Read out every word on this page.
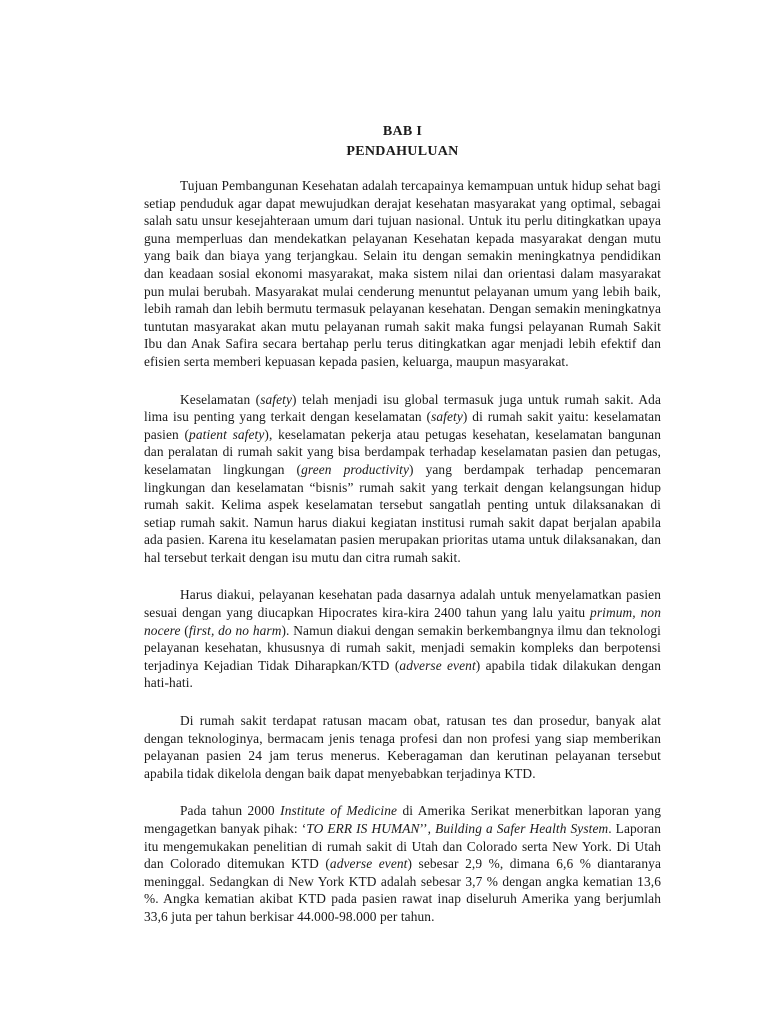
BAB I
PENDAHULUAN

Tujuan Pembangunan Kesehatan adalah tercapainya kemampuan untuk hidup sehat bagi setiap penduduk agar dapat mewujudkan derajat kesehatan masyarakat yang optimal, sebagai salah satu unsur kesejahteraan umum dari tujuan nasional. Untuk itu perlu ditingkatkan upaya guna memperluas dan mendekatkan pelayanan Kesehatan kepada masyarakat dengan mutu yang baik dan biaya yang terjangkau. Selain itu dengan semakin meningkatnya pendidikan dan keadaan sosial ekonomi masyarakat, maka sistem nilai dan orientasi dalam masyarakat pun mulai berubah. Masyarakat mulai cenderung menuntut pelayanan umum yang lebih baik, lebih ramah dan lebih bermutu termasuk pelayanan kesehatan. Dengan semakin meningkatnya tuntutan masyarakat akan mutu pelayanan rumah sakit maka fungsi pelayanan Rumah Sakit Ibu dan Anak Safira secara bertahap perlu terus ditingkatkan agar menjadi lebih efektif dan efisien serta memberi kepuasan kepada pasien, keluarga, maupun masyarakat.

Keselamatan (safety) telah menjadi isu global termasuk juga untuk rumah sakit. Ada lima isu penting yang terkait dengan keselamatan (safety) di rumah sakit yaitu: keselamatan pasien (patient safety), keselamatan pekerja atau petugas kesehatan, keselamatan bangunan dan peralatan di rumah sakit yang bisa berdampak terhadap keselamatan pasien dan petugas, keselamatan lingkungan (green productivity) yang berdampak terhadap pencemaran lingkungan dan keselamatan “bisnis” rumah sakit yang terkait dengan kelangsungan hidup rumah sakit. Kelima aspek keselamatan tersebut sangatlah penting untuk dilaksanakan di setiap rumah sakit. Namun harus diakui kegiatan institusi rumah sakit dapat berjalan apabila ada pasien. Karena itu keselamatan pasien merupakan prioritas utama untuk dilaksanakan, dan hal tersebut terkait dengan isu mutu dan citra rumah sakit.

Harus diakui, pelayanan kesehatan pada dasarnya adalah untuk menyelamatkan pasien sesuai dengan yang diucapkan Hipocrates kira-kira 2400 tahun yang lalu yaitu primum, non nocere (first, do no harm). Namun diakui dengan semakin berkembangnya ilmu dan teknologi pelayanan kesehatan, khususnya di rumah sakit, menjadi semakin kompleks dan berpotensi terjadinya Kejadian Tidak Diharapkan/KTD (adverse event) apabila tidak dilakukan dengan hati-hati.

Di rumah sakit terdapat ratusan macam obat, ratusan tes dan prosedur, banyak alat dengan teknologinya, bermacam jenis tenaga profesi dan non profesi yang siap memberikan pelayanan pasien 24 jam terus menerus. Keberagaman dan kerutinan pelayanan tersebut apabila tidak dikelola dengan baik dapat menyebabkan terjadinya KTD.

Pada tahun 2000 Institute of Medicine di Amerika Serikat menerbitkan laporan yang mengagetkan banyak pihak: ‘TO ERR IS HUMAN’’, Building a Safer Health System. Laporan itu mengemukakan penelitian di rumah sakit di Utah dan Colorado serta New York. Di Utah dan Colorado ditemukan KTD (adverse event) sebesar 2,9 %, dimana 6,6 % diantaranya meninggal. Sedangkan di New York KTD adalah sebesar 3,7 % dengan angka kematian 13,6 %. Angka kematian akibat KTD pada pasien rawat inap diseluruh Amerika yang berjumlah 33,6 juta per tahun berkisar 44.000-98.000 per tahun.
